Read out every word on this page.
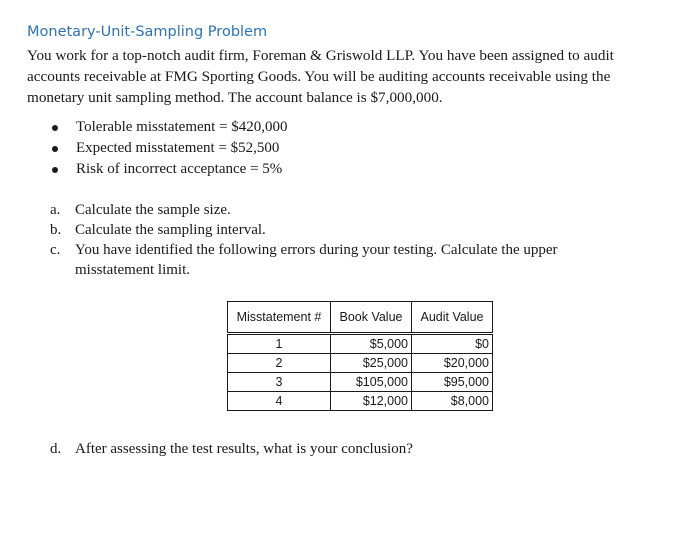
Monetary-Unit-Sampling Problem
You work for a top-notch audit firm, Foreman & Griswold LLP. You have been assigned to audit
accounts receivable at FMG Sporting Goods. You will be auditing accounts receivable using the
monetary unit sampling method. The account balance is $7,000,000.
Tolerable misstatement = $420,000
Expected misstatement = $52,500
Risk of incorrect acceptance = 5%
a. Calculate the sample size.
b. Calculate the sampling interval.
c. You have identified the following errors during your testing. Calculate the upper
misstatement limit.
Misstatement #	Book Value	Audit Value
1	$5,000	$0
2	$25,000	$20,000
3	$105,000	$95,000
4	$12,000	$8,000
d. After assessing the test results, what is your conclusion?
